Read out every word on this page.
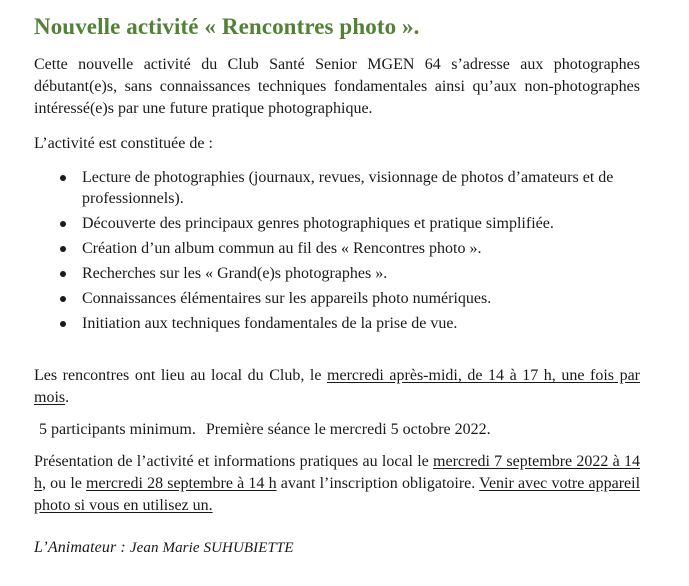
Nouvelle activité « Rencontres photo ».

Cette nouvelle activité du Club Santé Senior MGEN 64 s’adresse aux photographes débutant(e)s, sans connaissances techniques fondamentales ainsi qu’aux non-photographes intéressé(e)s par une future pratique photographique.

L’activité est constituée de :

Lecture de photographies (journaux, revues, visionnage de photos d’amateurs et de professionnels).
Découverte des principaux genres photographiques et pratique simplifiée.
Création d’un album commun au fil des « Rencontres photo ».
Recherches sur les « Grand(e)s photographes ».
Connaissances élémentaires sur les appareils photo numériques.
Initiation aux techniques fondamentales de la prise de vue.

Les rencontres ont lieu au local du Club, le mercredi après-midi, de 14 à 17 h, une fois par mois.

5 participants minimum. Première séance le mercredi 5 octobre 2022.

Présentation de l’activité et informations pratiques au local le mercredi 7 septembre 2022 à 14 h, ou le mercredi 28 septembre à 14 h avant l’inscription obligatoire. Venir avec votre appareil photo si vous en utilisez un.

L’Animateur : Jean Marie SUHUBIETTE
